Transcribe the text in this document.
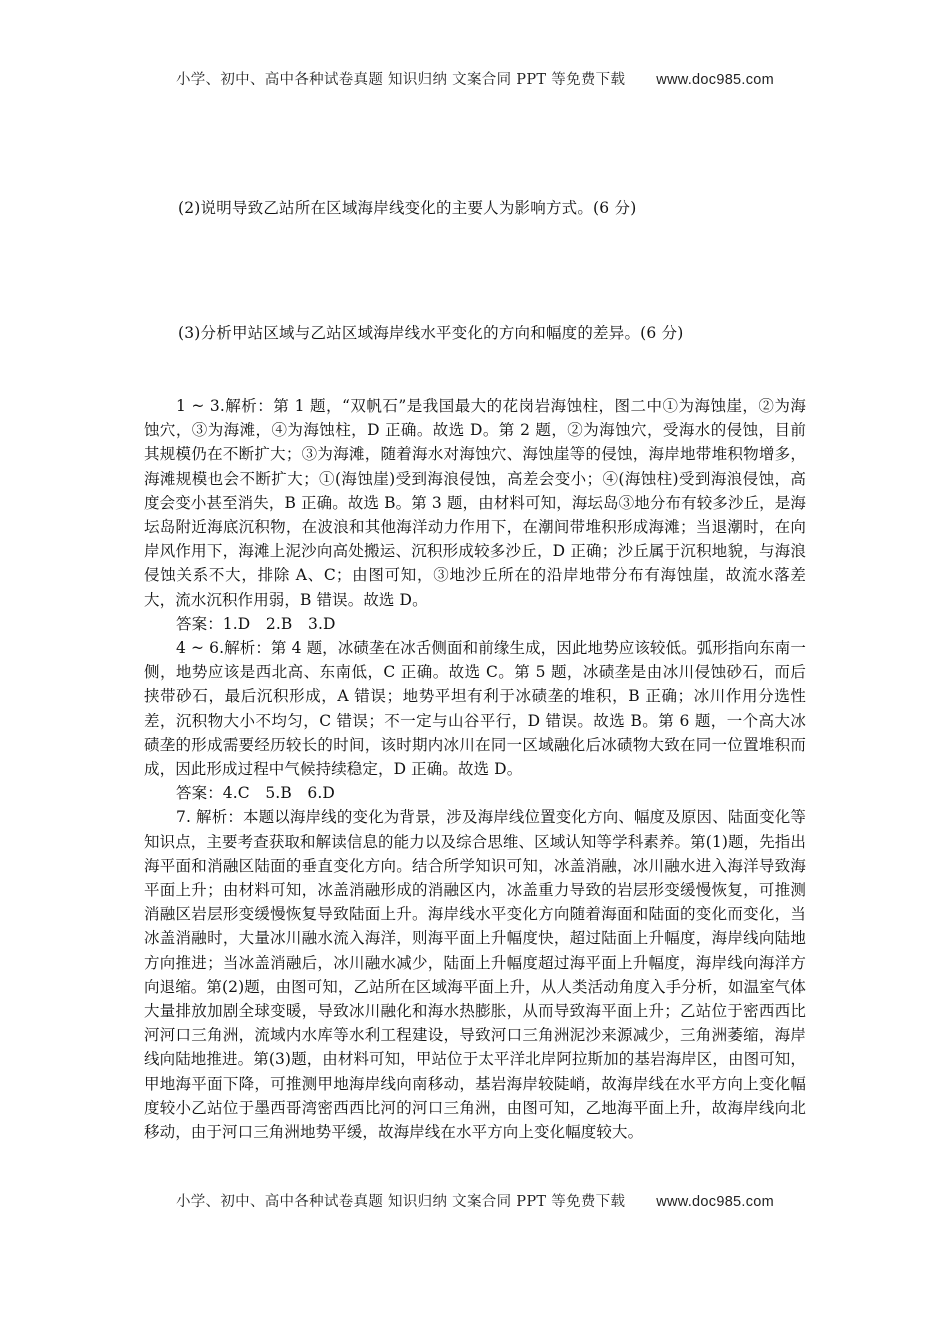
小学、初中、高中各种试卷真题 知识归纳 文案合同 PPT 等免费下载 www.doc985.com
(2)说明导致乙站所在区域海岸线变化的主要人为影响方式。(6 分)
(3)分析甲站区域与乙站区域海岸线水平变化的方向和幅度的差异。(6 分)

1 ~ 3.解析：第 1 题，“双帆石”是我国最大的花岗岩海蚀柱，图二中①为海蚀崖，②为海蚀穴，③为海滩，④为海蚀柱，D 正确。故选 D。第 2 题，②为海蚀穴，受海水的侵蚀，目前其规模仍在不断扩大；③为海滩，随着海水对海蚀穴、海蚀崖等的侵蚀，海岸地带堆积物增多，海滩规模也会不断扩大；①(海蚀崖)受到海浪侵蚀，高差会变小；④(海蚀柱)受到海浪侵蚀，高度会变小甚至消失，B 正确。故选 B。第 3 题，由材料可知，海坛岛③地分布有较多沙丘，是海坛岛附近海底沉积物，在波浪和其他海洋动力作用下，在潮间带堆积形成海滩；当退潮时，在向岸风作用下，海滩上泥沙向高处搬运、沉积形成较多沙丘，D 正确；沙丘属于沉积地貌，与海浪侵蚀关系不大，排除 A、C；由图可知，③地沙丘所在的沿岸地带分布有海蚀崖，故流水落差大，流水沉积作用弱，B 错误。故选 D。

答案：1.D　2.B　3.D

4 ~ 6.解析：第 4 题，冰碛垄在冰舌侧面和前缘生成，因此地势应该较低。弧形指向东南一侧，地势应该是西北高、东南低，C 正确。故选 C。第 5 题，冰碛垄是由冰川侵蚀砂石，而后挟带砂石，最后沉积形成，A 错误；地势平坦有利于冰碛垄的堆积，B 正确；冰川作用分选性差，沉积物大小不均匀，C 错误；不一定与山谷平行，D 错误。故选 B。第 6 题，一个高大冰碛垄的形成需要经历较长的时间，该时期内冰川在同一区域融化后冰碛物大致在同一位置堆积而成，因此形成过程中气候持续稳定，D 正确。故选 D。

答案：4.C　5.B　6.D

7. 解析：本题以海岸线的变化为背景，涉及海岸线位置变化方向、幅度及原因、陆面变化等知识点，主要考查获取和解读信息的能力以及综合思维、区域认知等学科素养。第(1)题，先指出海平面和消融区陆面的垂直变化方向。结合所学知识可知，冰盖消融，冰川融水进入海洋导致海平面上升；由材料可知，冰盖消融形成的消融区内，冰盖重力导致的岩层形变缓慢恢复，可推测消融区岩层形变缓慢恢复导致陆面上升。海岸线水平变化方向随着海面和陆面的变化而变化，当冰盖消融时，大量冰川融水流入海洋，则海平面上升幅度快，超过陆面上升幅度，海岸线向陆地方向推进；当冰盖消融后，冰川融水减少，陆面上升幅度超过海平面上升幅度，海岸线向海洋方向退缩。第(2)题，由图可知，乙站所在区域海平面上升，从人类活动角度入手分析，如温室气体大量排放加剧全球变暖，导致冰川融化和海水热膨胀，从而导致海平面上升；乙站位于密西西比河河口三角洲，流域内水库等水利工程建设，导致河口三角洲泥沙来源减少，三角洲萎缩，海岸线向陆地推进。第(3)题，由材料可知，甲站位于太平洋北岸阿拉斯加的基岩海岸区，由图可知，甲地海平面下降，可推测甲地海岸线向南移动，基岩海岸较陡峭，故海岸线在水平方向上变化幅度较小乙站位于墨西哥湾密西西比河的河口三角洲，由图可知，乙地海平面上升，故海岸线向北移动，由于河口三角洲地势平缓，故海岸线在水平方向上变化幅度较大。

小学、初中、高中各种试卷真题 知识归纳 文案合同 PPT 等免费下载 www.doc985.com
